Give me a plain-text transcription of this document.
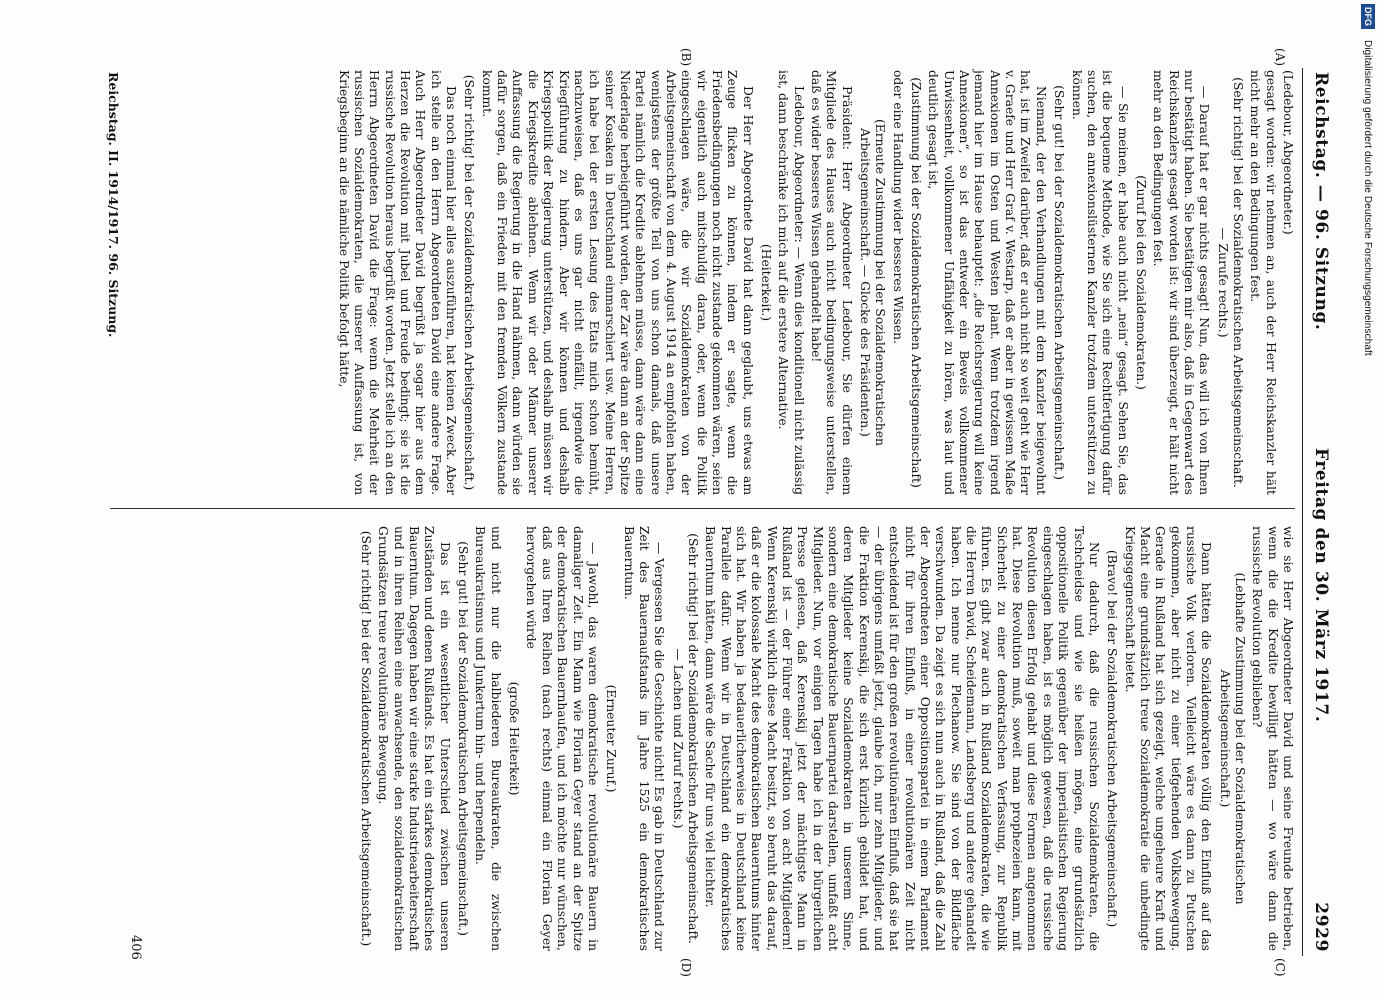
DFG
Digitalisierung gefördert durch die Deutsche Forschungsgemeinschaft
Reichstag. — 96. Sitzung.
Freitag den 30. März 1917.
2929
(A)
(B)
(C)
(D)

(Ledebour, Abgeordneter.)

gesagt worden: wir nehmen an, auch der Herr Reichskanzler hält nicht mehr an den Bedingungen fest.

(Sehr richtig! bei der Sozialdemokratischen Arbeitsgemeinschaft. — Zurufe rechts.)

— Darauf hat er gar nichts gesagt! Nun, das will ich von Ihnen nur bestätigt haben. Sie bestätigen mir also, daß in Gegenwart des Reichskanzlers gesagt worden ist: wir sind überzeugt, er hält nicht mehr an den Bedingungen fest.

(Zuruf bei den Sozialdemokraten.)

— Sie meinen, er habe auch nicht „nein“ gesagt. Sehen Sie, das ist die bequeme Methode, wie Sie sich eine Rechtfertigung dafür suchen, den annexionslüsternen Kanzler trotzdem unterstützen zu können.

(Sehr gut! bei der Sozialdemokratischen Arbeitsgemeinschaft.)

Niemand, der den Verhandlungen mit dem Kanzler beigewohnt hat, ist im Zweifel darüber, daß er auch nicht so weit geht wie Herr v. Graefe und Herr Graf v. Westarp, daß er aber in gewissem Maße Annexionen im Osten und Westen plant. Wenn trotzdem irgend jemand hier im Hause behauptet: „die Reichsregierung will keine Annexionen“, so ist das entweder ein Beweis vollkommener Unwissenheit, vollkommener Unfähigkeit zu hören, was laut und deutlich gesagt ist,

(Zustimmung bei der Sozialdemokratischen Arbeitsgemeinschaft)

oder eine Handlung wider besseres Wissen.

(Erneute Zustimmung bei der Sozialdemokratischen Arbeitsgemeinschaft. — Glocke des Präsidenten.)

Präsident: Herr Abgeordneter Ledebour, Sie dürfen einem Mitgliede des Hauses auch nicht bedingungsweise unterstellen, daß es wider besseres Wissen gehandelt habe!

Ledebour, Abgeordneter: — Wenn dies konditionell nicht zulässig ist, dann beschränke ich mich auf die erstere Alternative.

(Heiterkeit.)

Der Herr Abgeordnete David hat dann geglaubt, uns etwas am Zeuge flicken zu können, indem er sagte, wenn die Friedensbedingungen noch nicht zustande gekommen wären, seien wir eigentlich auch mitschuldig daran, oder, wenn die Politik eingeschlagen wäre, die wir Sozialdemokraten von der Arbeitsgemeinschaft von dem 4. August 1914 an empfohlen haben, wenigstens der größte Teil von uns schon damals, daß unsere Partei nämlich die Kredite ablehnen müsse, dann wäre dann eine Niederlage herbeigeführt worden, der Zar wäre dann an der Spitze seiner Kosaken in Deutschland einmarschiert usw. Meine Herren, ich habe bei der ersten Lesung des Etats mich schon bemüht, nachzuweisen, daß es uns gar nicht einfällt, irgendwie die Kriegführung zu hindern. Aber wir können und deshalb Kriegspolitik der Regierung unterstützen, und deshalb müssen wir die Kriegskredite ablehnen. Wenn wir oder Männer unserer Auffassung die Regierung in die Hand nähmen, dann würden sie dafür sorgen, daß ein Frieden mit den fremden Völkern zustande kommt.

(Sehr richtig! bei der Sozialdemokratischen Arbeitsgemeinschaft.)

Das noch einmal hier alles auszuführen, hat keinen Zweck. Aber ich stelle an den Herrn Abgeordneten David eine andere Frage. Auch Herr Abgeordneter David begrüßt ja sogar hier aus dem Herzen die Revolution mit Jubel und Freude bedingt; sie ist die russische Revolution heraus begrüßt worden. Jetzt stelle ich an den Herrn Abgeordneten David die Frage: wenn die Mehrheit der russischen Sozialdemokraten, die unserer Auffassung ist, von Kriegsbeginn an die nämliche Politik befolgt hätte,

wie sie Herr Abgeordneter David und seine Freunde betrieben, wenn die die Kredite bewilligt hätten — wo wäre dann die russische Revolution geblieben?

(Lebhafte Zustimmung bei der Sozialdemokratischen Arbeitsgemeinschaft.)

Dann hätten die Sozialdemokraten völlig den Einfluß auf das russische Volk verloren. Vielleicht wäre es dann zu Putschen gekommen, aber nicht zu einer tiefgehenden Volksbewegung. Gerade in Rußland hat sich gezeigt, welche ungeheure Kraft und Macht eine grundsätzlich treue Sozialdemokratie die unbedingte Kriegsgegnerschaft bietet.

(Bravo! bei der Sozialdemokratischen Arbeitsgemeinschaft.)

Nur dadurch, daß die russischen Sozialdemokraten, die Tschcheidse und wie sie heißen mögen, eine grundsätzlich oppositionelle Politik gegenüber der imperialistischen Regierung eingeschlagen haben, ist es möglich gewesen, daß die russische Revolution diesen Erfolg gehabt und diese Formen angenommen hat. Diese Revolution muß, soweit man prophezeien kann, mit Sicherheit zu einer demokratischen Verfassung, zur Republik führen. Es gibt zwar auch in Rußland Sozialdemokraten, die wie die Herren David, Scheidemann, Landsberg und andere gehandelt haben. Ich nenne nur Plechanow. Sie sind von der Bildfläche verschwunden. Da zeigt es sich nun auch in Rußland, daß die Zahl der Abgeordneten einer Oppositionspartei in einem Parlament nicht für ihren Einfluß, in einer revolutionären Zeit nicht entscheidend ist für den großen revolutionären Einfluß, daß sie hat — der übrigens umfaßt jetzt, glaube ich, nur zehn Mitglieder, und die Fraktion Kerenskij, die sich erst kürzlich gebildet hat, und deren Mitglieder keine Sozialdemokraten in unserem Sinne, sondern eine demokratische Bauernpartei darstellen, umfaßt acht Mitglieder. Nun, vor einigen Tagen habe ich in der bürgerlichen Presse gelesen, daß Kerenskij jetzt der mächtigste Mann in Rußland ist — der Führer einer Fraktion von acht Mitgliedern! Wenn Kerenskij wirklich diese Macht besitzt, so beruht das darauf, daß er die kolossale Macht des demokratischen Bauerntums hinter sich hat. Wir haben ja bedauerlicherweise in Deutschland keine Parallele dafür. Wenn wir in Deutschland ein demokratisches Bauerntum hätten, dann wäre die Sache für uns viel leichter.

(Sehr richtig! bei der Sozialdemokratischen Arbeitsgemeinschaft. — Lachen und Zuruf rechts.)

— Vergessen Sie die Geschichte nicht! Es gab in Deutschland zur Zeit des Bauernaufstands im Jahre 1525 ein demokratisches Bauerntum.

(Erneuter Zuruf.)

— Jawohl, das waren demokratische revolutionäre Bauern in damaliger Zeit. Ein Mann wie Florian Geyer stand an der Spitze der demokratischen Bauernhaufen, und ich möchte nur wünschen, daß aus Ihren Reihen (nach rechts) einmal ein Florian Geyer hervorgehen würde

(große Heiterkeit)

und nicht nur die halbiederen Bureaukraten, die zwischen Bureaukratismus und Junkertum hin- und herpendeln.

(Sehr gut! bei der Sozialdemokratischen Arbeitsgemeinschaft.)

Das ist ein wesentlicher Unterschied zwischen unseren Zuständen und denen Rußlands. Es hat ein starkes demokratisches Bauerntum. Dagegen haben wir eine starke Industriearbeiterschaft und in ihren Reihen eine anwachsende, den sozialdemokratischen Grundsätzen treue revolutionäre Bewegung.

(Sehr richtig! bei der Sozialdemokratischen Arbeitsgemeinschaft.)

Reichstag. II. 1914/1917. 96. Sitzung.
406
